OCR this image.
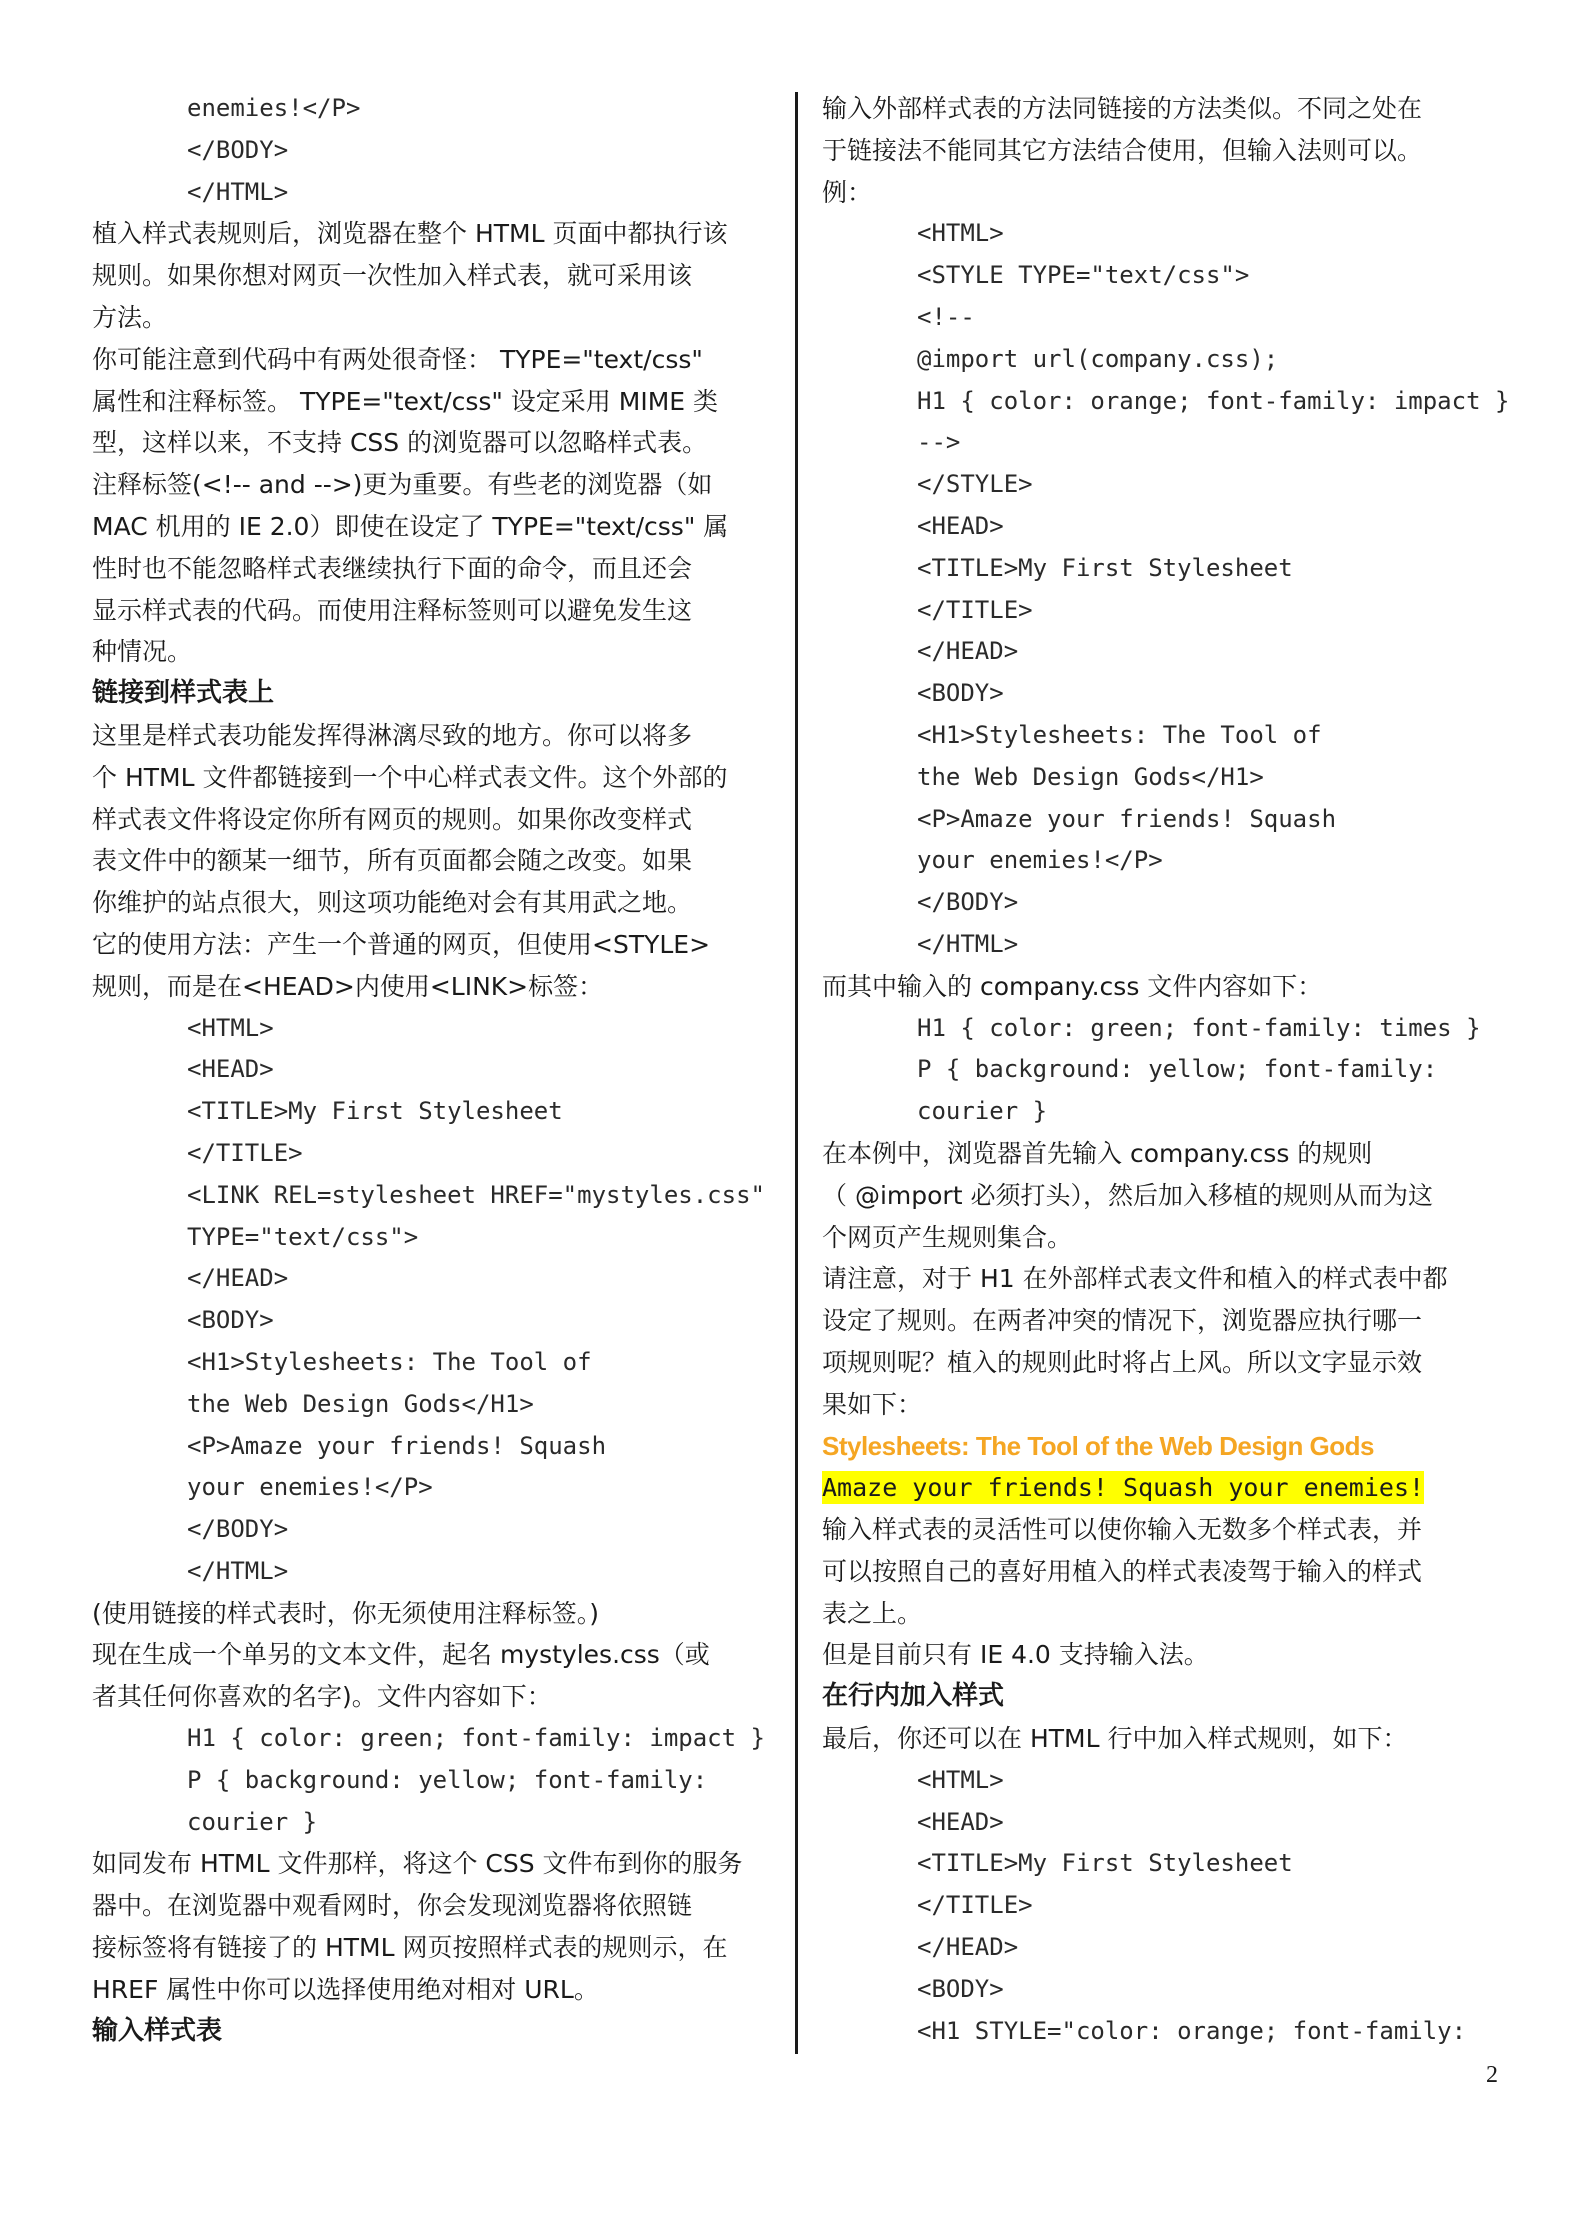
enemies!</P>
</BODY>
</HTML>
植入样式表规则后，浏览器在整个 HTML 页面中都执行该
规则。如果你想对网页一次性加入样式表，就可采用该
方法。
你可能注意到代码中有两处很奇怪： TYPE="text/css"
属性和注释标签。 TYPE="text/css" 设定采用 MIME 类
型，这样以来，不支持 CSS 的浏览器可以忽略样式表。
注释标签(<!-- and -->)更为重要。有些老的浏览器（如
MAC 机用的 IE 2.0）即使在设定了 TYPE="text/css" 属
性时也不能忽略样式表继续执行下面的命令，而且还会
显示样式表的代码。而使用注释标签则可以避免发生这
种情况。
链接到样式表上
这里是样式表功能发挥得淋漓尽致的地方。你可以将多
个 HTML 文件都链接到一个中心样式表文件。这个外部的
样式表文件将设定你所有网页的规则。如果你改变样式
表文件中的额某一细节，所有页面都会随之改变。如果
你维护的站点很大，则这项功能绝对会有其用武之地。
它的使用方法：产生一个普通的网页，但使用<STYLE>
规则，而是在<HEAD>内使用<LINK>标签：
<HTML>
<HEAD>
<TITLE>My First Stylesheet
</TITLE>
<LINK REL=stylesheet HREF="mystyles.css"
TYPE="text/css">
</HEAD>
<BODY>
<H1>Stylesheets: The Tool of
the Web Design Gods</H1>
<P>Amaze your friends! Squash
your enemies!</P>
</BODY>
</HTML>
(使用链接的样式表时，你无须使用注释标签。)
现在生成一个单另的文本文件，起名 mystyles.css（或
者其任何你喜欢的名字)。文件内容如下：
H1 { color: green; font-family: impact }
P { background: yellow; font-family:
courier }
如同发布 HTML 文件那样，将这个 CSS 文件布到你的服务
器中。在浏览器中观看网时，你会发现浏览器将依照链
接标签将有链接了的 HTML 网页按照样式表的规则示，在
HREF 属性中你可以选择使用绝对相对 URL。
输入样式表
输入外部样式表的方法同链接的方法类似。不同之处在
于链接法不能同其它方法结合使用，但输入法则可以。
例：
<HTML>
<STYLE TYPE="text/css">
<!--
@import url(company.css);
H1 { color: orange; font-family: impact }
-->
</STYLE>
<HEAD>
<TITLE>My First Stylesheet
</TITLE>
</HEAD>
<BODY>
<H1>Stylesheets: The Tool of
the Web Design Gods</H1>
<P>Amaze your friends! Squash
your enemies!</P>
</BODY>
</HTML>
而其中输入的 company.css 文件内容如下：
H1 { color: green; font-family: times }
P { background: yellow; font-family:
courier }
在本例中，浏览器首先输入 company.css 的规则
（ @import 必须打头），然后加入移植的规则从而为这
个网页产生规则集合。
请注意，对于 H1 在外部样式表文件和植入的样式表中都
设定了规则。在两者冲突的情况下，浏览器应执行哪一
项规则呢？植入的规则此时将占上风。所以文字显示效
果如下：
Stylesheets: The Tool of the Web Design Gods
Amaze your friends! Squash your enemies!
输入样式表的灵活性可以使你输入无数多个样式表，并
可以按照自己的喜好用植入的样式表凌驾于输入的样式
表之上。
但是目前只有 IE 4.0 支持输入法。
在行内加入样式
最后，你还可以在 HTML 行中加入样式规则，如下：
<HTML>
<HEAD>
<TITLE>My First Stylesheet
</TITLE>
</HEAD>
<BODY>
<H1 STYLE="color: orange; font-family:
2
